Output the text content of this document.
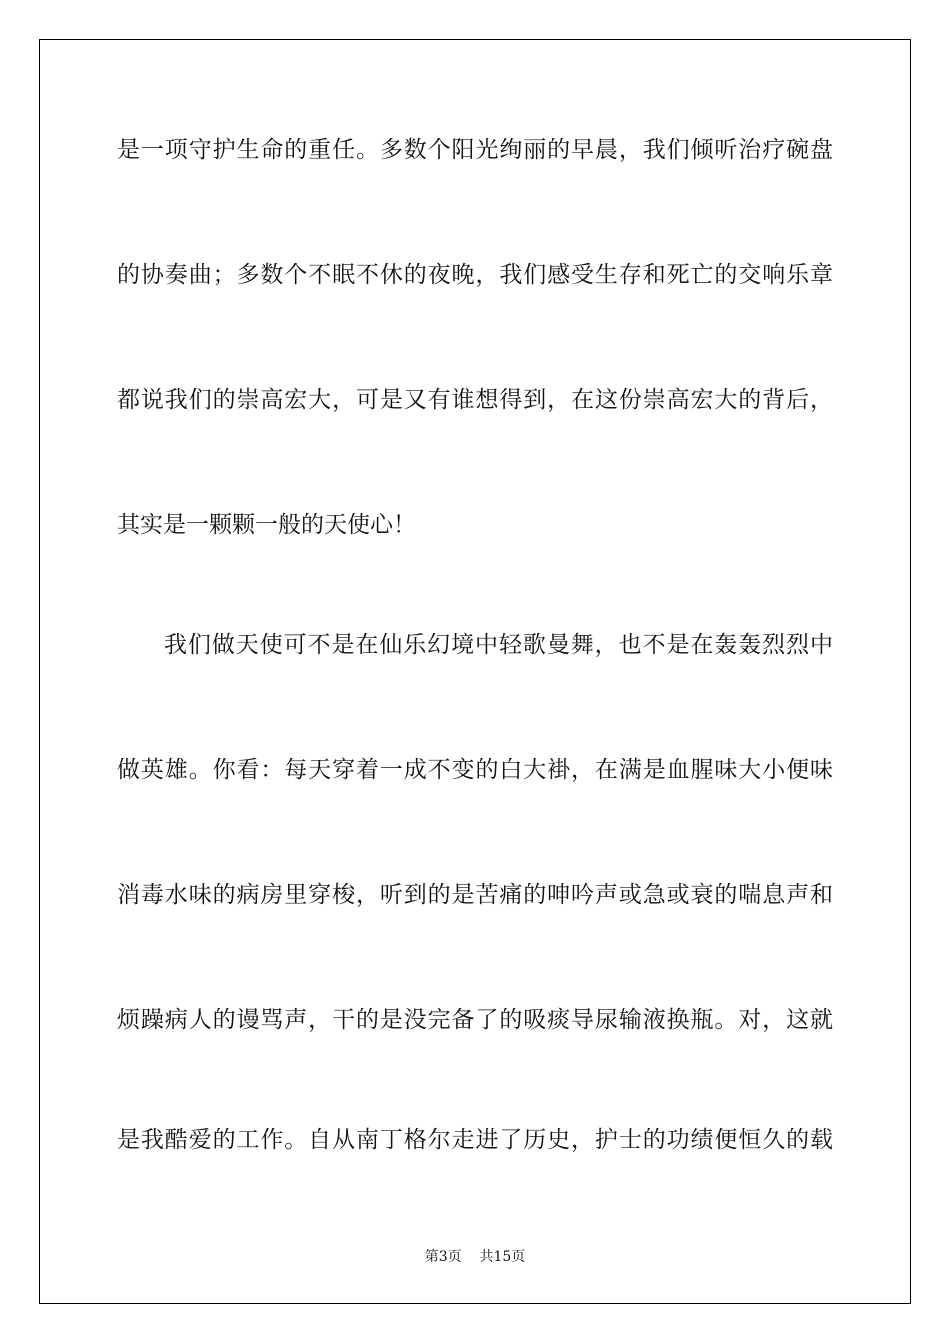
是一项守护生命的重任。多数个阳光绚丽的早晨，我们倾听治疗碗盘
的协奏曲；多数个不眠不休的夜晚，我们感受生存和死亡的交响乐章
都说我们的崇高宏大，可是又有谁想得到，在这份崇高宏大的背后，
其实是一颗颗一般的天使心！
我们做天使可不是在仙乐幻境中轻歌曼舞，也不是在轰轰烈烈中
做英雄。你看：每天穿着一成不变的白大褂，在满是血腥味大小便味
消毒水味的病房里穿梭，听到的是苦痛的呻吟声或急或衰的喘息声和
烦躁病人的谩骂声，干的是没完备了的吸痰导尿输液换瓶。对，这就
是我酷爱的工作。自从南丁格尔走进了历史，护士的功绩便恒久的载
第3页    共15页
